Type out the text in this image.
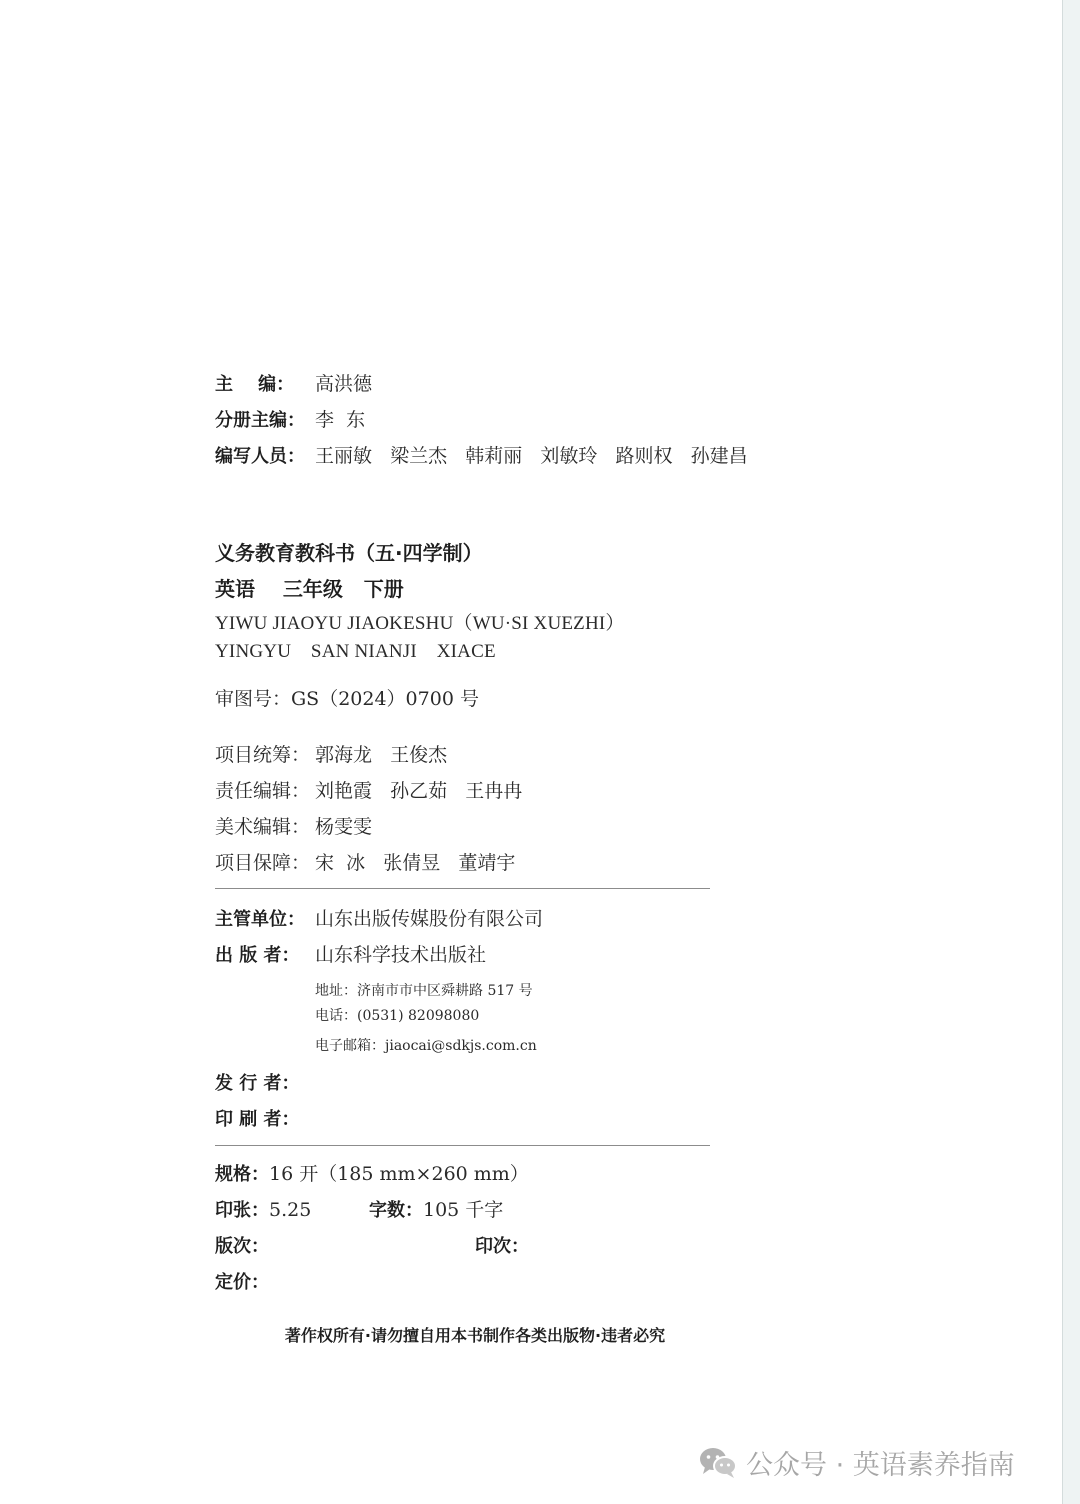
主    编： 高洪德
分册主编： 李  东
编写人员： 王丽敏   梁兰杰   韩莉丽   刘敏玲   路则权   孙建昌
义务教育教科书（五·四学制）
英语    三年级   下册
YIWU JIAOYU JIAOKESHU（WU·SI XUEZHI）
YINGYU    SAN NIANJI    XIACE
审图号：GS（2024）0700 号
项目统筹： 郭海龙   王俊杰
责任编辑： 刘艳霞   孙乙茹   王冉冉
美术编辑： 杨雯雯
项目保障： 宋  冰   张倩昱   董靖宇
主管单位： 山东出版传媒股份有限公司
出 版 者： 山东科学技术出版社
地址：济南市市中区舜耕路 517 号
电话：(0531) 82098080
电子邮箱：jiaocai@sdkjs.com.cn
发 行 者：
印 刷 者：
规格：16 开（185 mm×260 mm）
印张：5.25	字数：105 千字
版次：	印次：
定价：
著作权所有·请勿擅自用本书制作各类出版物·违者必究
公众号 · 英语素养指南
